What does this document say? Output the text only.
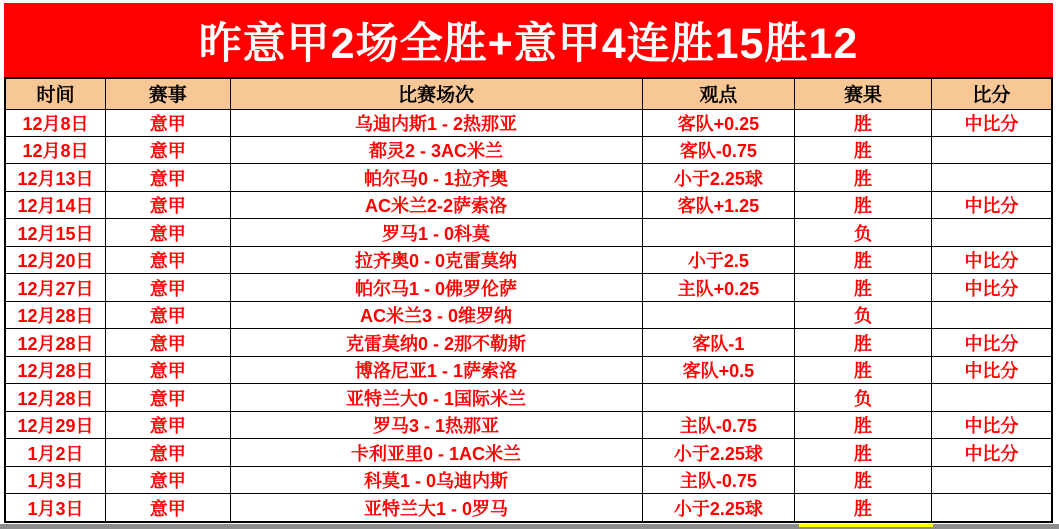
昨意甲2场全胜+意甲4连胜15胜12
时间	赛事	比赛场次	观点	赛果	比分
12月8日	意甲	乌迪内斯1 - 2热那亚	客队+0.25	胜	中比分
12月8日	意甲	都灵2 - 3AC米兰	客队-0.75	胜	
12月13日	意甲	帕尔马0 - 1拉齐奥	小于2.25球	胜	
12月14日	意甲	AC米兰2-2萨索洛	客队+1.25	胜	中比分
12月15日	意甲	罗马1 - 0科莫		负	
12月20日	意甲	拉齐奥0 - 0克雷莫纳	小于2.5	胜	中比分
12月27日	意甲	帕尔马1 - 0佛罗伦萨	主队+0.25	胜	中比分
12月28日	意甲	AC米兰3 - 0维罗纳		负	
12月28日	意甲	克雷莫纳0 - 2那不勒斯	客队-1	胜	中比分
12月28日	意甲	博洛尼亚1 - 1萨索洛	客队+0.5	胜	中比分
12月28日	意甲	亚特兰大0 - 1国际米兰		负	
12月29日	意甲	罗马3 - 1热那亚	主队-0.75	胜	中比分
1月2日	意甲	卡利亚里0 - 1AC米兰	小于2.25球	胜	中比分
1月3日	意甲	科莫1 - 0乌迪内斯	主队-0.75	胜	
1月3日	意甲	亚特兰大1 - 0罗马	小于2.25球	胜	
